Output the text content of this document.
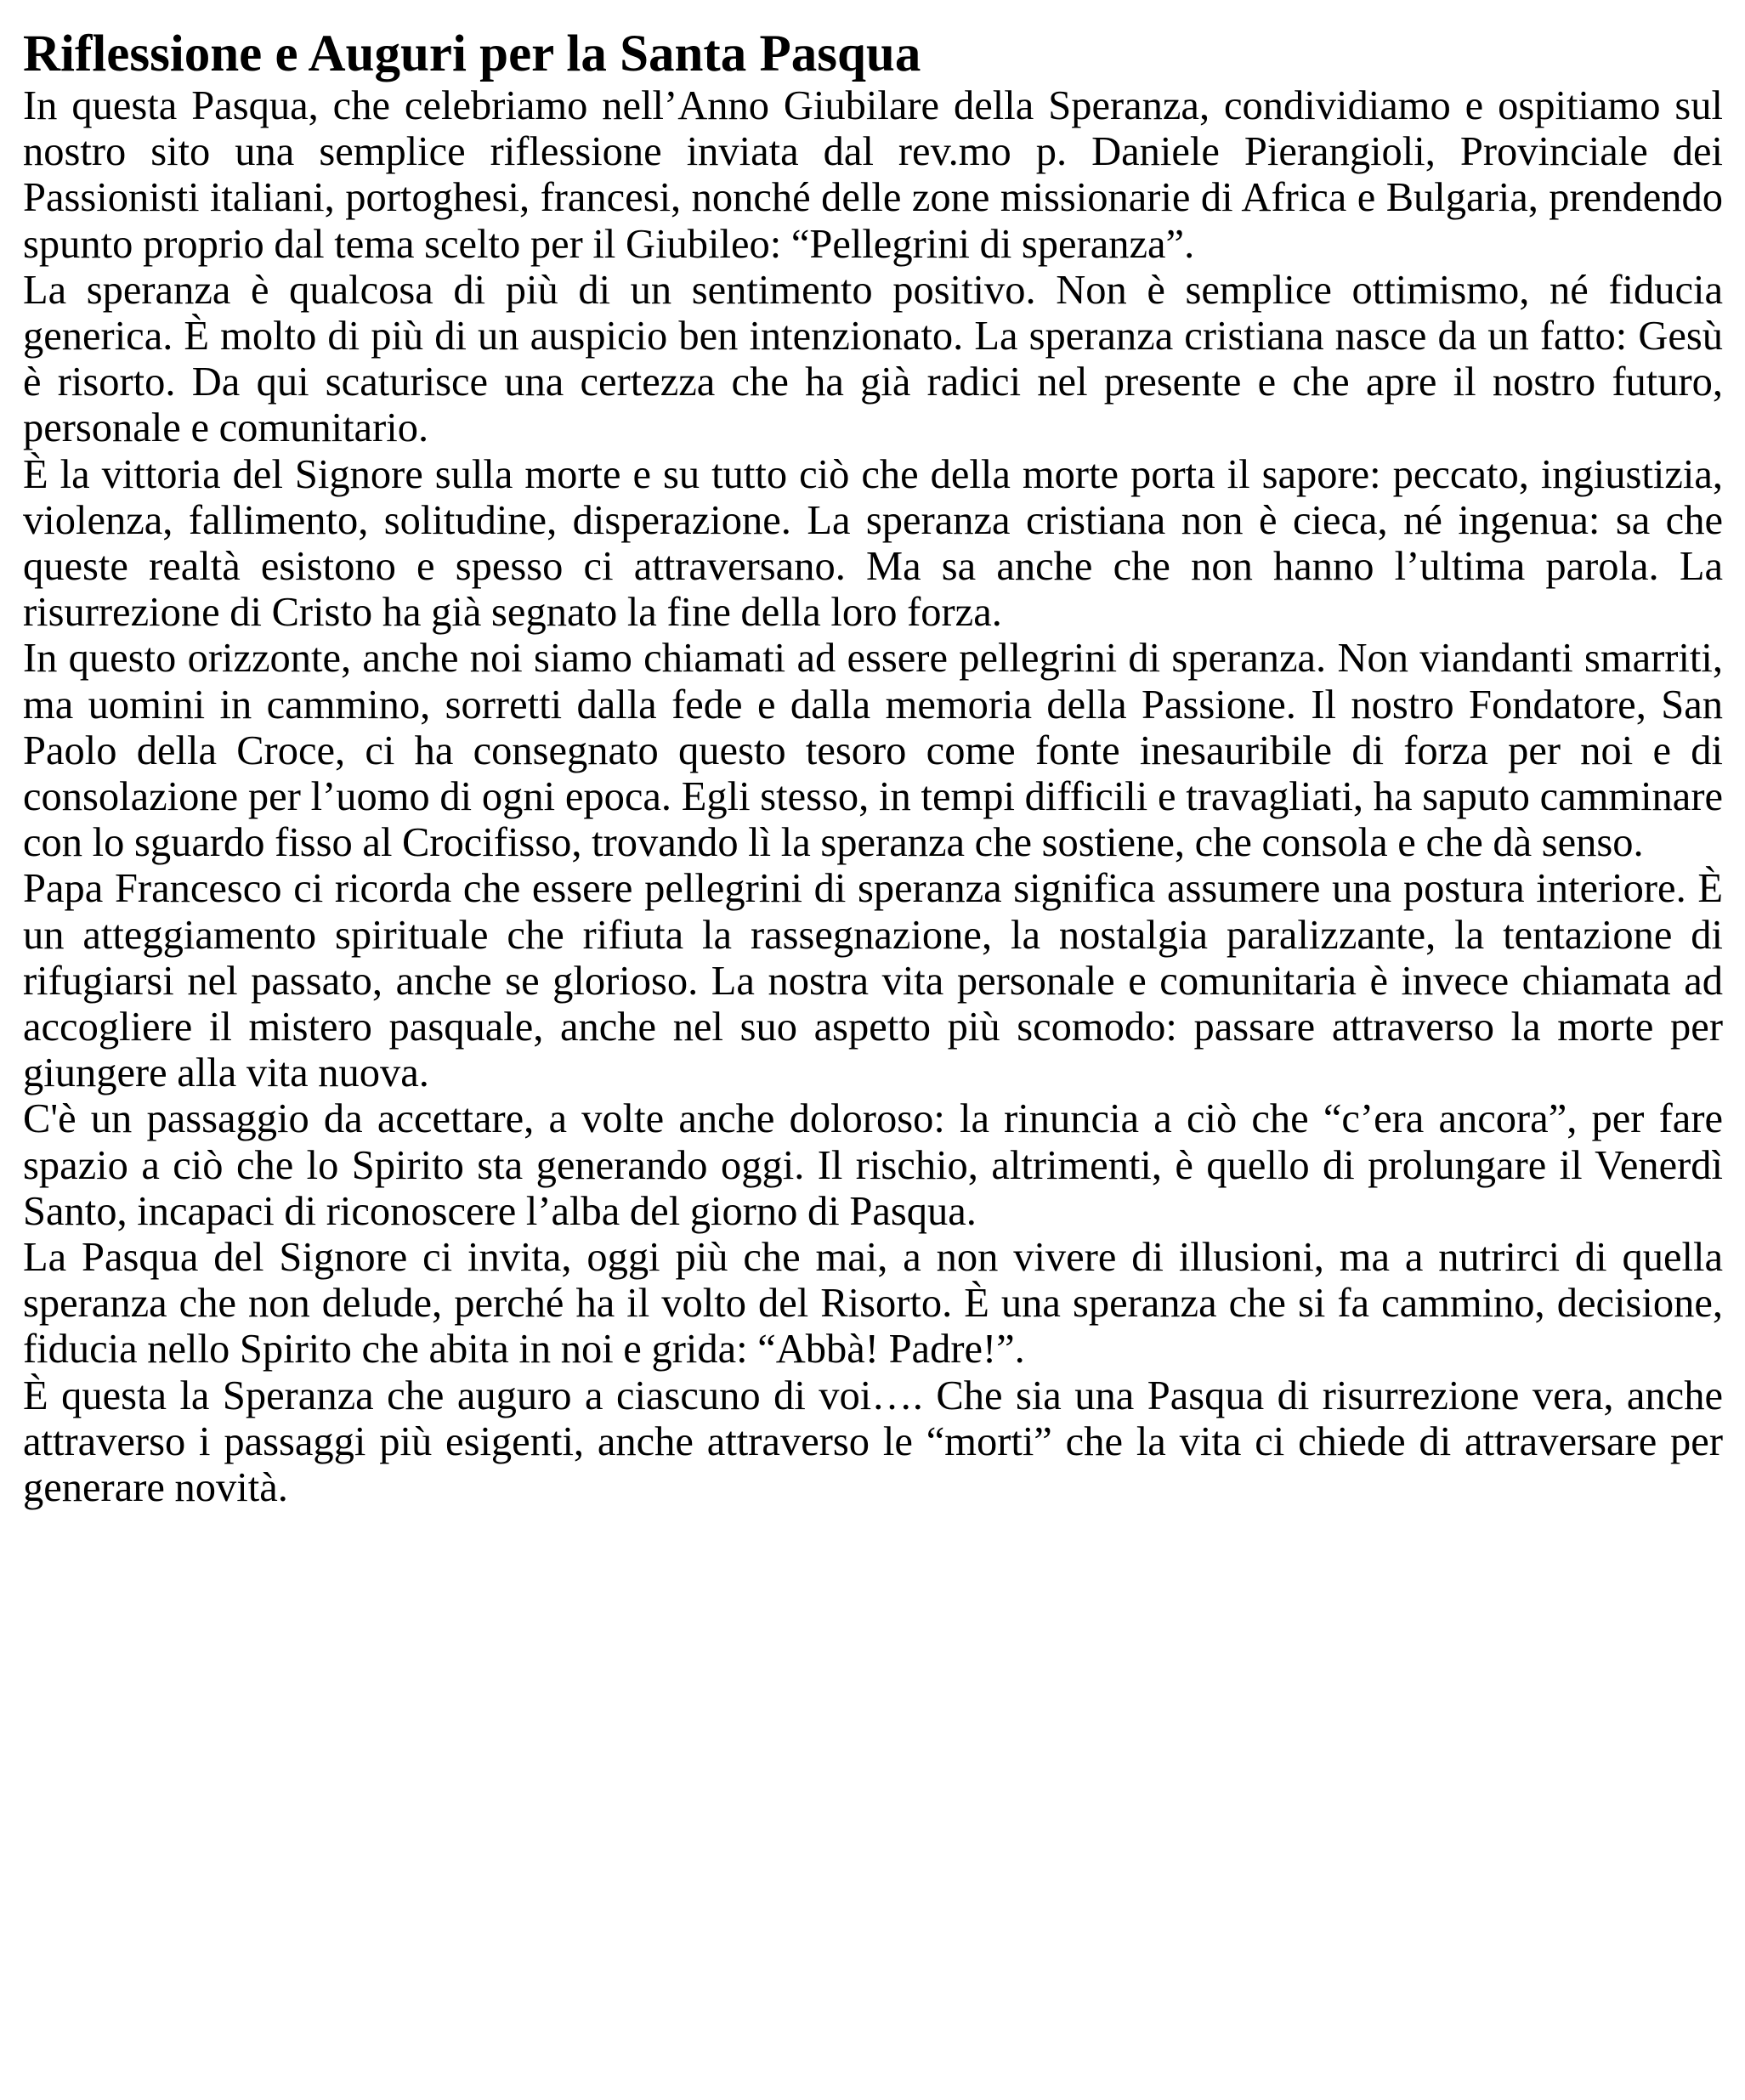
Riflessione e Auguri per la Santa Pasqua

In questa Pasqua, che celebriamo nell’Anno Giubilare della Speranza, condividiamo e ospitiamo sul nostro sito una semplice riflessione inviata dal rev.mo p. Daniele Pierangioli, Provinciale dei Passionisti italiani, portoghesi, francesi, nonché delle zone missionarie di Africa e Bulgaria, prendendo spunto proprio dal tema scelto per il Giubileo: “Pellegrini di speranza”.

La speranza è qualcosa di più di un sentimento positivo. Non è semplice ottimismo, né fiducia generica. È molto di più di un auspicio ben intenzionato. La speranza cristiana nasce da un fatto: Gesù è risorto. Da qui scaturisce una certezza che ha già radici nel presente e che apre il nostro futuro, personale e comunitario.

È la vittoria del Signore sulla morte e su tutto ciò che della morte porta il sapore: peccato, ingiustizia, violenza, fallimento, solitudine, disperazione. La speranza cristiana non è cieca, né ingenua: sa che queste realtà esistono e spesso ci attraversano. Ma sa anche che non hanno l’ultima parola. La risurrezione di Cristo ha già segnato la fine della loro forza.

In questo orizzonte, anche noi siamo chiamati ad essere pellegrini di speranza. Non viandanti smarriti, ma uomini in cammino, sorretti dalla fede e dalla memoria della Passione. Il nostro Fondatore, San Paolo della Croce, ci ha consegnato questo tesoro come fonte inesauribile di forza per noi e di consolazione per l’uomo di ogni epoca. Egli stesso, in tempi difficili e travagliati, ha saputo camminare con lo sguardo fisso al Crocifisso, trovando lì la speranza che sostiene, che consola e che dà senso.

Papa Francesco ci ricorda che essere pellegrini di speranza significa assumere una postura interiore. È un atteggiamento spirituale che rifiuta la rassegnazione, la nostalgia paralizzante, la tentazione di rifugiarsi nel passato, anche se glorioso. La nostra vita personale e comunitaria è invece chiamata ad accogliere il mistero pasquale, anche nel suo aspetto più scomodo: passare attraverso la morte per giungere alla vita nuova.

C'è un passaggio da accettare, a volte anche doloroso: la rinuncia a ciò che “c’era ancora”, per fare spazio a ciò che lo Spirito sta generando oggi. Il rischio, altrimenti, è quello di prolungare il Venerdì Santo, incapaci di riconoscere l’alba del giorno di Pasqua.

La Pasqua del Signore ci invita, oggi più che mai, a non vivere di illusioni, ma a nutrirci di quella speranza che non delude, perché ha il volto del Risorto. È una speranza che si fa cammino, decisione, fiducia nello Spirito che abita in noi e grida: “Abbà! Padre!”.

È questa la Speranza che auguro a ciascuno di voi…. Che sia una Pasqua di risurrezione vera, anche attraverso i passaggi più esigenti, anche attraverso le “morti” che la vita ci chiede di attraversare per generare novità.
